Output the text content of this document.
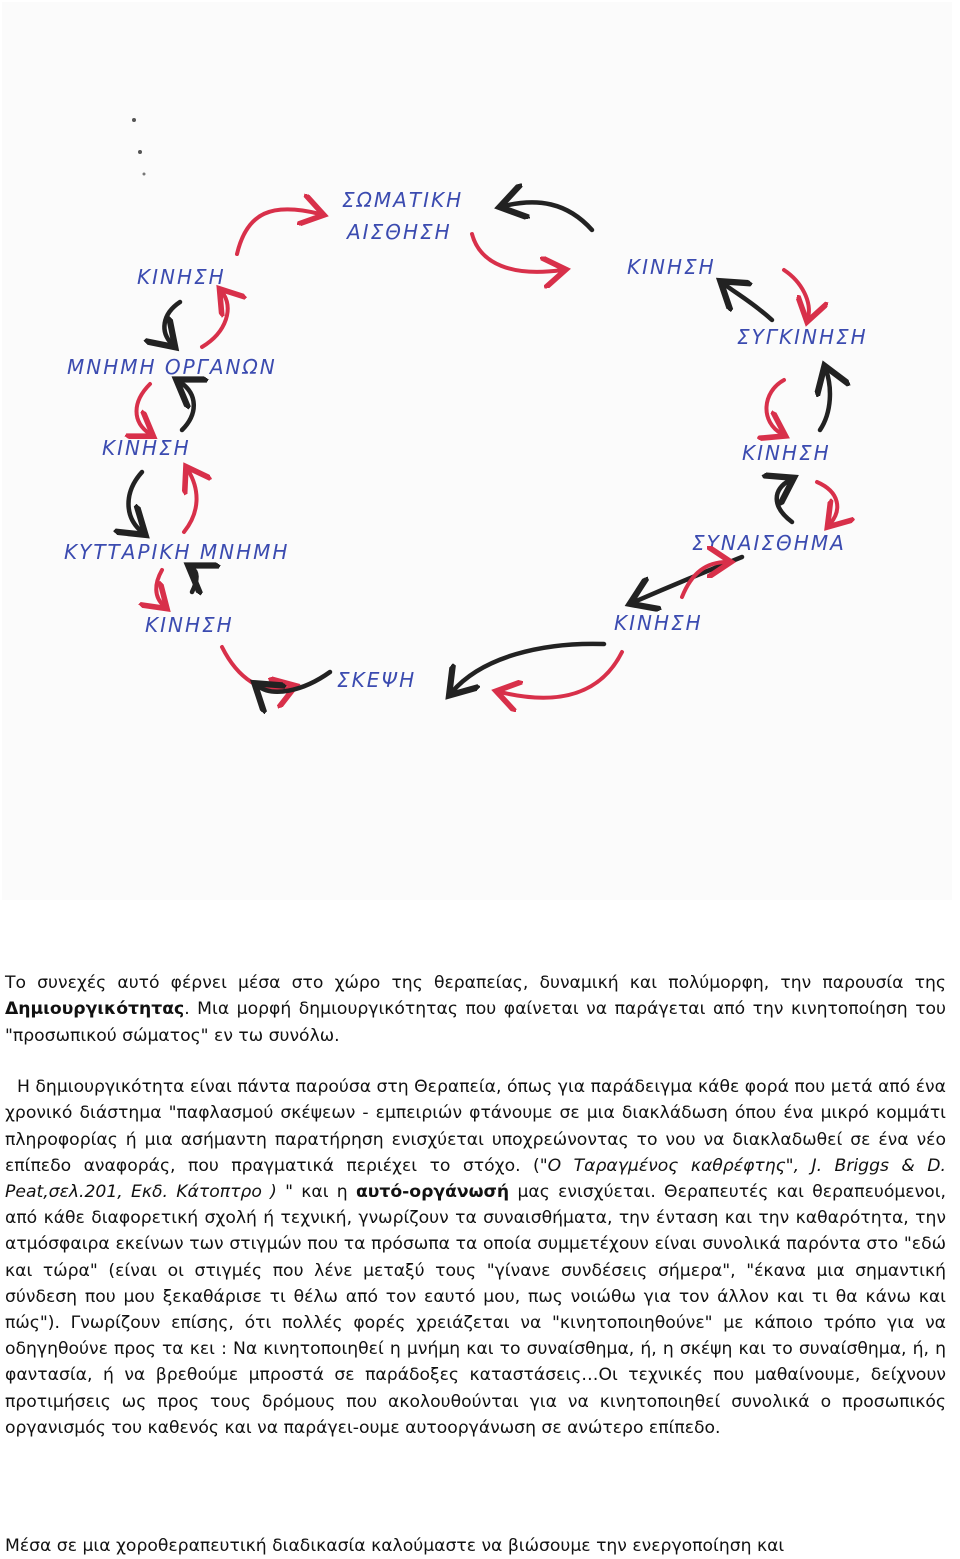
ΣΩΜΑΤΙΚΗ
ΑΙΣΘΗΣΗ
ΚΙΝΗΣΗ
ΣΥΓΚΙΝΗΣΗ
ΚΙΝΗΣΗ
ΣΥΝΑΙΣΘΗΜΑ
ΚΙΝΗΣΗ
ΣΚΕΨΗ
ΚΙΝΗΣΗ
ΚΥΤΤΑΡΙΚΗ ΜΝΗΜΗ
ΚΙΝΗΣΗ
ΜΝΗΜΗ ΟΡΓΑΝΩΝ
ΚΙΝΗΣΗ

Το συνεχές αυτό φέρνει μέσα στο χώρο της θεραπείας, δυναμική και πολύμορφη, την παρουσία της Δημιουργικότητας. Μια μορφή δημιουργικότητας που φαίνεται να παράγεται από την κινητοποίηση του "προσωπικού σώματος" εν τω συνόλω.

Η δημιουργικότητα είναι πάντα παρούσα στη Θεραπεία, όπως για παράδειγμα κάθε φορά που μετά από ένα χρονικό διάστημα "παφλασμού σκέψεων - εμπειριών φτάνουμε σε μια διακλάδωση όπου ένα μικρό κομμάτι πληροφορίας ή μια ασήμαντη παρατήρηση ενισχύεται υποχρεώνοντας το νου να διακλαδωθεί σε ένα νέο επίπεδο αναφοράς, που πραγματικά περιέχει το στόχο. ("Ο Ταραγμένος καθρέφτης", J. Briggs & D. Peat,σελ.201, Εκδ. Κάτοπτρο ) " και η αυτό-οργάνωσή μας ενισχύεται. Θεραπευτές και θεραπευόμενοι, από κάθε διαφορετική σχολή ή τεχνική, γνωρίζουν τα συναισθήματα, την ένταση και την καθαρότητα, την ατμόσφαιρα εκείνων των στιγμών που τα πρόσωπα τα οποία συμμετέχουν είναι συνολικά παρόντα στο "εδώ και τώρα" (είναι οι στιγμές που λένε μεταξύ τους "γίνανε συνδέσεις σήμερα", "έκανα μια σημαντική σύνδεση που μου ξεκαθάρισε τι θέλω από τον εαυτό μου, πως νοιώθω για τον άλλον και τι θα κάνω και πώς"). Γνωρίζουν επίσης, ότι πολλές φορές χρειάζεται να "κινητοποιηθούνε" με κάποιο τρόπο για να οδηγηθούνε προς τα κει : Να κινητοποιηθεί η μνήμη και το συναίσθημα, ή, η σκέψη και το συναίσθημα, ή, η φαντασία, ή να βρεθούμε μπροστά σε παράδοξες καταστάσεις…Οι τεχνικές που μαθαίνουμε, δείχνουν προτιμήσεις ως προς τους δρόμους που ακολουθούνται για να κινητοποιηθεί συνολικά ο προσωπικός οργανισμός του καθενός και να παράγει-ουμε αυτοοργάνωση σε ανώτερο επίπεδο.

Μέσα σε μια χοροθεραπευτική διαδικασία καλούμαστε να βιώσουμε την ενεργοποίηση και
